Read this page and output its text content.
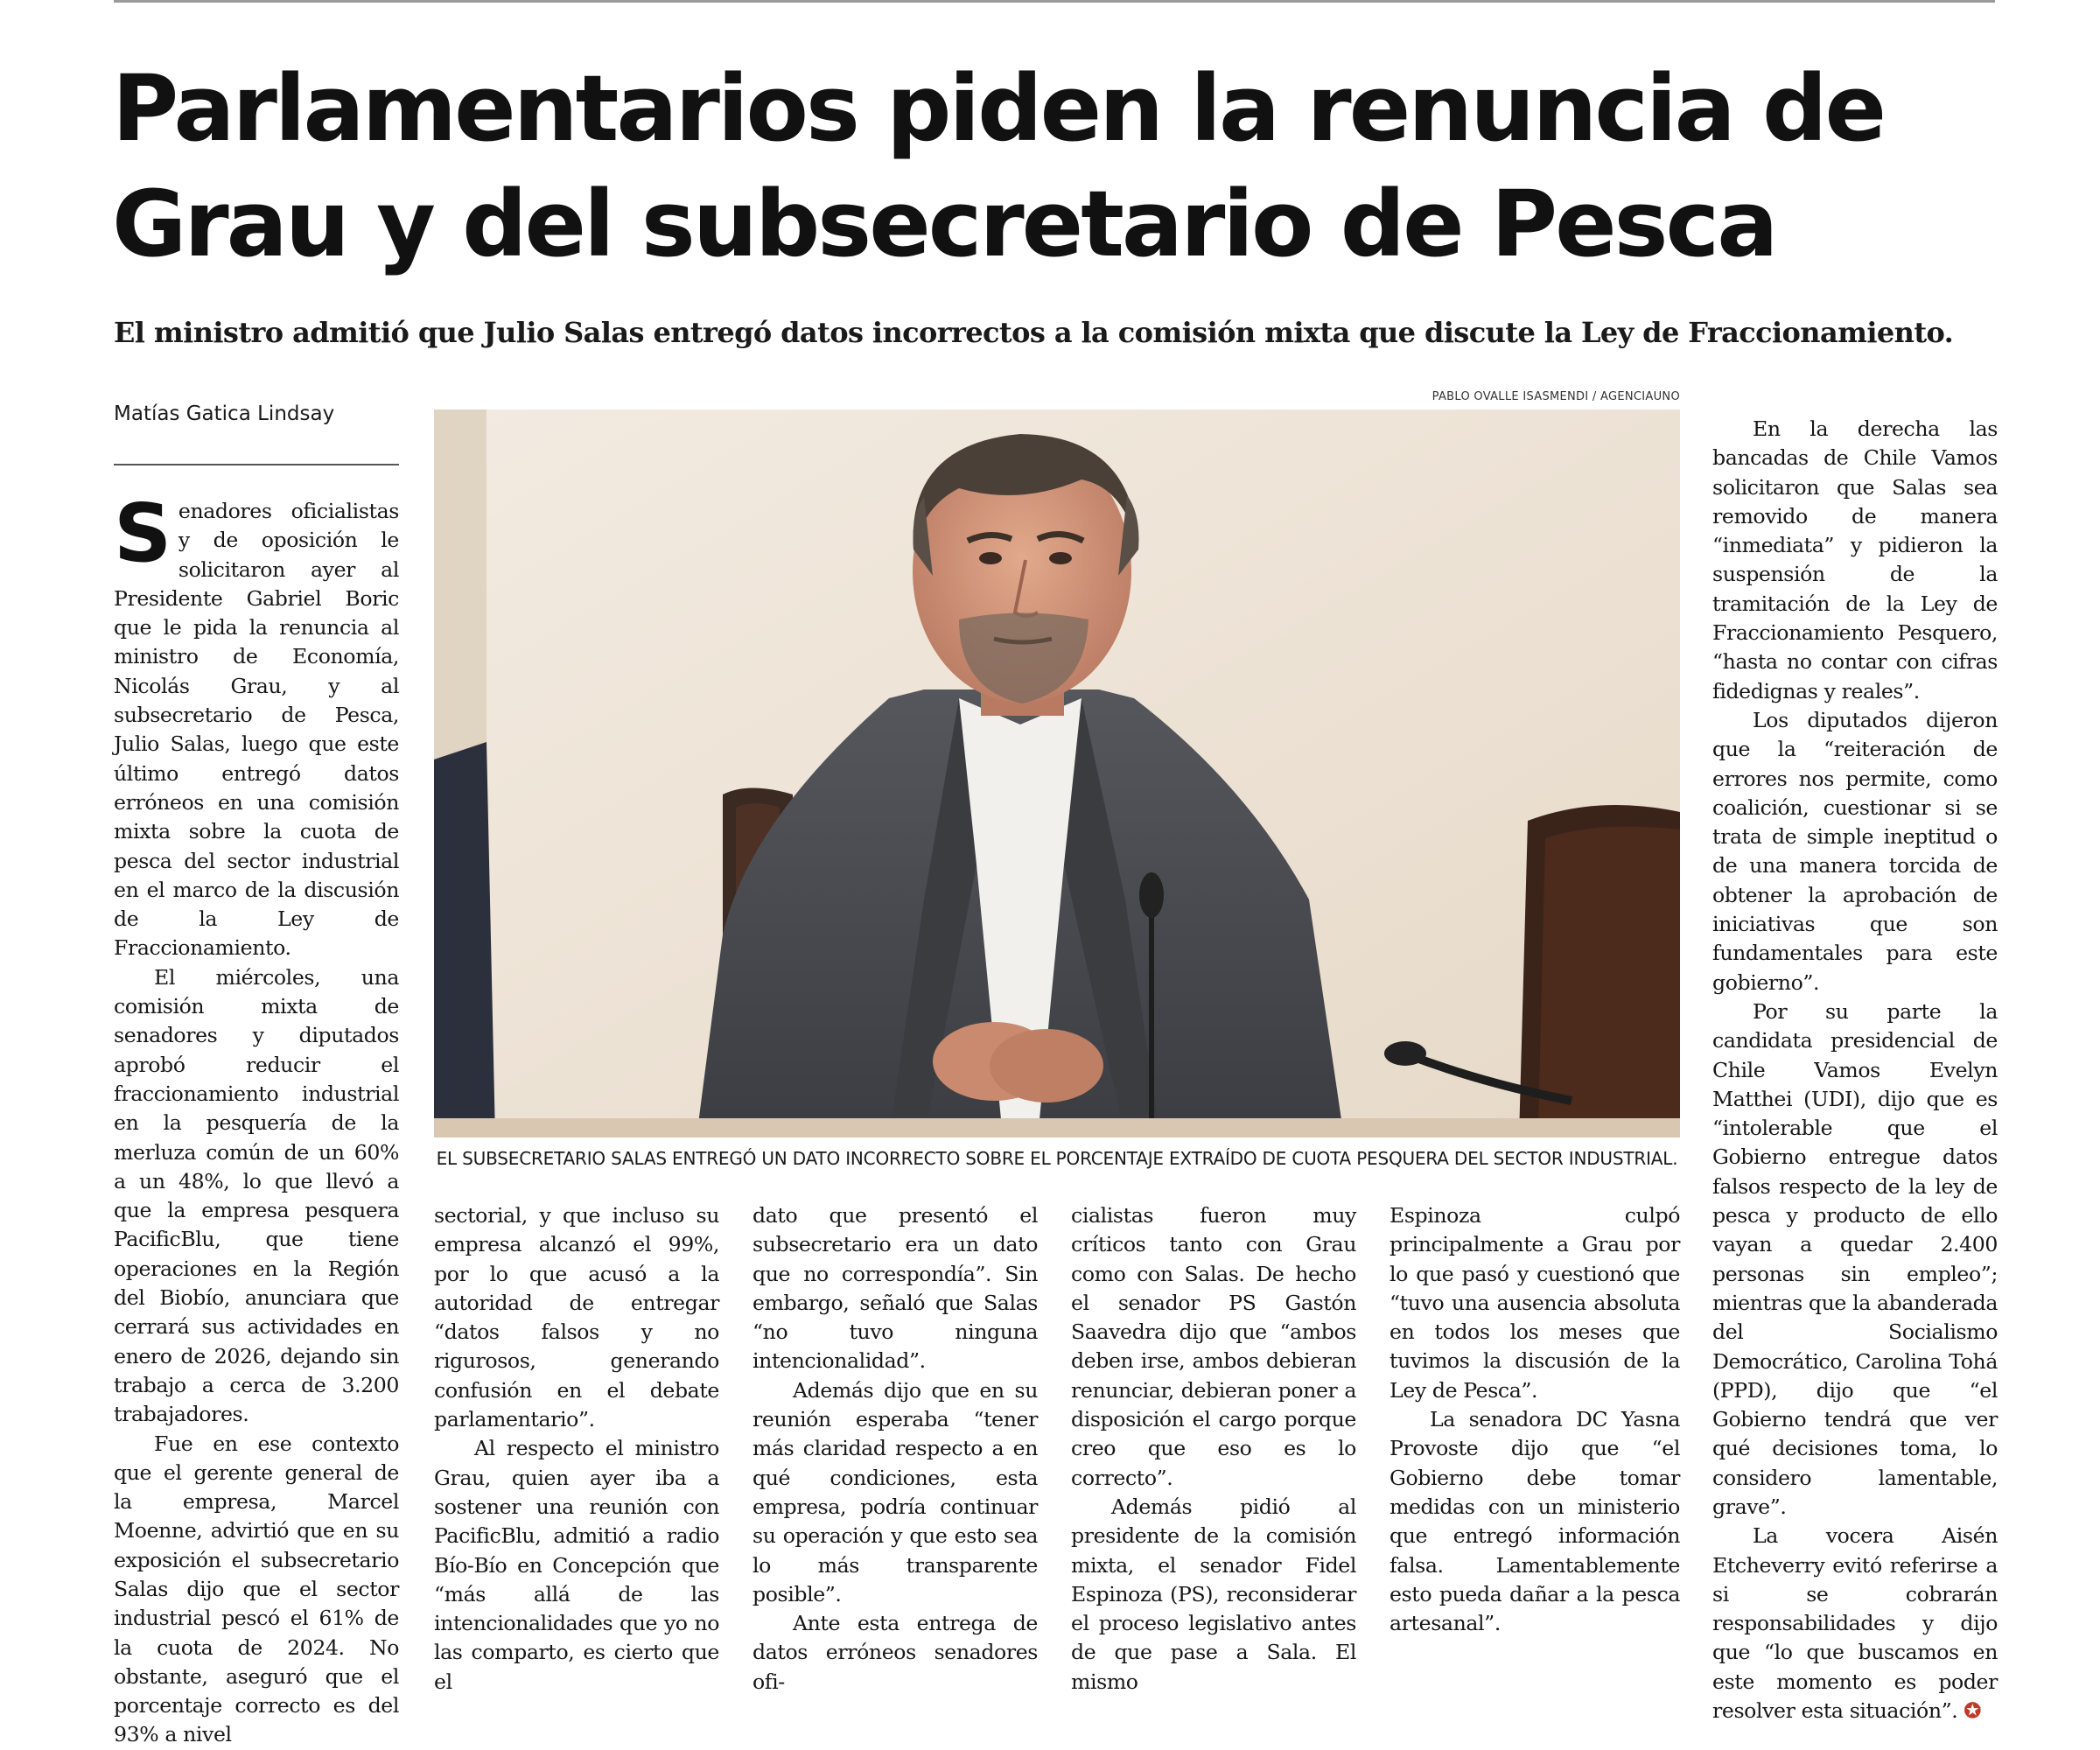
Parlamentarios piden la renuncia de
Grau y del subsecretario de Pesca
El ministro admitió que Julio Salas entregó datos incorrectos a la comisión mixta que discute la Ley de Fraccionamiento.
Matías Gatica Lindsay

Senadores oficialistas y de oposición le solicitaron ayer al Presidente Gabriel Boric que le pida la renuncia al ministro de Economía, Nicolás Grau, y al subsecretario de Pesca, Julio Salas, luego que este último entregó datos erróneos en una comisión mixta sobre la cuota de pesca del sector industrial en el marco de la discusión de la Ley de Fraccionamiento.

El miércoles, una comisión mixta de senadores y diputados aprobó reducir el fraccionamiento industrial en la pesquería de la merluza común de un 60% a un 48%, lo que llevó a que la empresa pesquera PacificBlu, que tiene operaciones en la Región del Biobío, anunciara que cerrará sus actividades en enero de 2026, dejando sin trabajo a cerca de 3.200 trabajadores.

Fue en ese contexto que el gerente general de la empresa, Marcel Moenne, advirtió que en su exposición el subsecretario Salas dijo que el sector industrial pescó el 61% de la cuota de 2024. No obstante, aseguró que el porcentaje correcto es del 93% a nivel

PABLO OVALLE ISASMENDI / AGENCIAUNO
EL SUBSECRETARIO SALAS ENTREGÓ UN DATO INCORRECTO SOBRE EL PORCENTAJE EXTRAÍDO DE CUOTA PESQUERA DEL SECTOR INDUSTRIAL.

sectorial, y que incluso su empresa alcanzó el 99%, por lo que acusó a la autoridad de entregar “datos falsos y no rigurosos, generando confusión en el debate parlamentario”.

Al respecto el ministro Grau, quien ayer iba a sostener una reunión con PacificBlu, admitió a radio Bío-Bío en Concepción que “más allá de las intencionalidades que yo no las comparto, es cierto que el

dato que presentó el subsecretario era un dato que no correspondía”. Sin embargo, señaló que Salas “no tuvo ninguna intencionalidad”.

Además dijo que en su reunión esperaba “tener más claridad respecto a en qué condiciones, esta empresa, podría continuar su operación y que esto sea lo más transparente posible”.

Ante esta entrega de datos erróneos senadores ofi-

cialistas fueron muy críticos tanto con Grau como con Salas. De hecho el senador PS Gastón Saavedra dijo que “ambos deben irse, ambos debieran renunciar, debieran poner a disposición el cargo porque creo que eso es lo correcto”.

Además pidió al presidente de la comisión mixta, el senador Fidel Espinoza (PS), reconsiderar el proceso legislativo antes de que pase a Sala. El mismo

Espinoza culpó principalmente a Grau por lo que pasó y cuestionó que “tuvo una ausencia absoluta en todos los meses que tuvimos la discusión de la Ley de Pesca”.

La senadora DC Yasna Provoste dijo que “el Gobierno debe tomar medidas con un ministerio que entregó información falsa. Lamentablemente esto pueda dañar a la pesca artesanal”.

En la derecha las bancadas de Chile Vamos solicitaron que Salas sea removido de manera “inmediata” y pidieron la suspensión de la tramitación de la Ley de Fraccionamiento Pesquero, “hasta no contar con cifras fidedignas y reales”.

Los diputados dijeron que la “reiteración de errores nos permite, como coalición, cuestionar si se trata de simple ineptitud o de una manera torcida de obtener la aprobación de iniciativas que son fundamentales para este gobierno”.

Por su parte la candidata presidencial de Chile Vamos Evelyn Matthei (UDI), dijo que es “intolerable que el Gobierno entregue datos falsos respecto de la ley de pesca y producto de ello vayan a quedar 2.400 personas sin empleo”; mientras que la abanderada del Socialismo Democrático, Carolina Tohá (PPD), dijo que “el Gobierno tendrá que ver qué decisiones toma, lo considero lamentable, grave”.

La vocera Aisén Etcheverry evitó referirse a si se cobrarán responsabilidades y dijo que “lo que buscamos en este momento es poder resolver esta situación”. ✪
